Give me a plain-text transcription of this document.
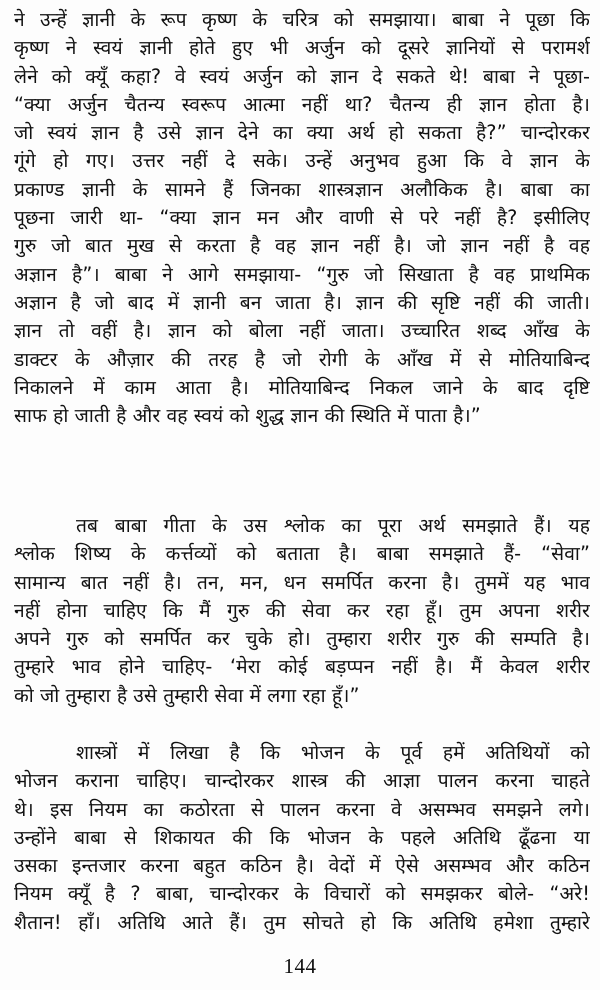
ने उन्हें ज्ञानी के रूप कृष्ण के चरित्र को समझाया। बाबा ने पूछा कि
कृष्ण ने स्वयं ज्ञानी होते हुए भी अर्जुन को दूसरे ज्ञानियों से परामर्श
लेने को क्यूँ कहा? वे स्वयं अर्जुन को ज्ञान दे सकते थे! बाबा ने पूछा-
“क्या अर्जुन चैतन्य स्वरूप आत्मा नहीं था? चैतन्य ही ज्ञान होता है।
जो स्वयं ज्ञान है उसे ज्ञान देने का क्या अर्थ हो सकता है?” चान्दोरकर
गूंगे हो गए। उत्तर नहीं दे सके। उन्हें अनुभव हुआ कि वे ज्ञान के
प्रकाण्ड ज्ञानी के सामने हैं जिनका शास्त्रज्ञान अलौकिक है। बाबा का
पूछना जारी था- “क्या ज्ञान मन और वाणी से परे नहीं है? इसीलिए
गुरु जो बात मुख से करता है वह ज्ञान नहीं है। जो ज्ञान नहीं है वह
अज्ञान है”। बाबा ने आगे समझाया- “गुरु जो सिखाता है वह प्राथमिक
अज्ञान है जो बाद में ज्ञानी बन जाता है। ज्ञान की सृष्टि नहीं की जाती।
ज्ञान तो वहीं है। ज्ञान को बोला नहीं जाता। उच्चारित शब्द आँख के
डाक्टर के औज़ार की तरह है जो रोगी के आँख में से मोतियाबिन्द
निकालने में काम आता है। मोतियाबिन्द निकल जाने के बाद दृष्टि
साफ हो जाती है और वह स्वयं को शुद्ध ज्ञान की स्थिति में पाता है।”
तब बाबा गीता के उस श्लोक का पूरा अर्थ समझाते हैं। यह
श्लोक शिष्य के कर्त्तव्यों को बताता है। बाबा समझाते हैं- “सेवा”
सामान्य बात नहीं है। तन, मन, धन समर्पित करना है। तुममें यह भाव
नहीं होना चाहिए कि मैं गुरु की सेवा कर रहा हूँ। तुम अपना शरीर
अपने गुरु को समर्पित कर चुके हो। तुम्हारा शरीर गुरु की सम्पति है।
तुम्हारे भाव होने चाहिए- ‘मेरा कोई बड़प्पन नहीं है। मैं केवल शरीर
को जो तुम्हारा है उसे तुम्हारी सेवा में लगा रहा हूँ।”
शास्त्रों में लिखा है कि भोजन के पूर्व हमें अतिथियों को
भोजन कराना चाहिए। चान्दोरकर शास्त्र की आज्ञा पालन करना चाहते
थे। इस नियम का कठोरता से पालन करना वे असम्भव समझने लगे।
उन्होंने बाबा से शिकायत की कि भोजन के पहले अतिथि ढूँढना या
उसका इन्तजार करना बहुत कठिन है। वेदों में ऐसे असम्भव और कठिन
नियम क्यूँ है ? बाबा, चान्दोरकर के विचारों को समझकर बोले- “अरे!
शैतान! हाँ। अतिथि आते हैं। तुम सोचते हो कि अतिथि हमेशा तुम्हारे
144
